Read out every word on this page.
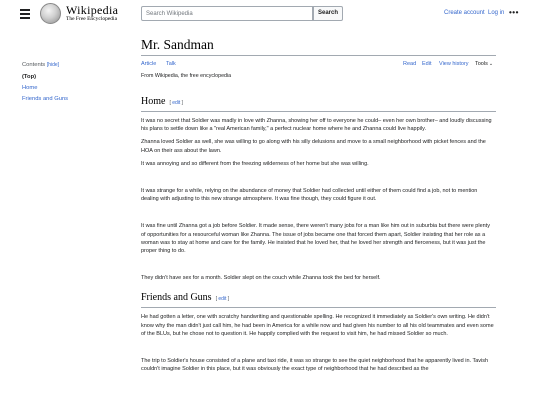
Wikipedia
The Free Encyclopedia
Search Wikipedia	Search	Create account Log in •••
Contents [hide]
(Top)
Home
Friends and Guns
Mr. Sandman
Article Talk	Read Edit View history Tools⌄
From Wikipedia, the free encyclopedia
Home [ edit ]

It was no secret that Soldier was madly in love with Zhanna, showing her off to everyone he could– even her own brother– and loudly discussing his plans to settle down like a "real American family," a perfect nuclear home where he and Zhanna could live happily.

Zhanna loved Soldier as well, she was willing to go along with his silly delusions and move to a small neighborhood with picket fences and the HOA on their ass about the lawn.

It was annoying and so different from the freezing wilderness of her home but she was willing.

It was strange for a while, relying on the abundance of money that Soldier had collected until either of them could find a job, not to mention dealing with adjusting to this new strange atmosphere. It was fine though, they could figure it out.

It was fine until Zhanna got a job before Soldier. It made sense, there weren't many jobs for a man like him out in suburbia but there were plenty of opportunities for a resourceful woman like Zhanna. The issue of jobs became one that forced them apart, Soldier insisting that her role as a woman was to stay at home and care for the family. He insisted that he loved her, that he loved her strength and fierceness, but it was just the proper thing to do.

They didn't have sex for a month. Soldier slept on the couch while Zhanna took the bed for herself.

Friends and Guns [ edit ]

He had gotten a letter, one with scratchy handwriting and questionable spelling. He recognized it immediately as Soldier's own writing. He didn't know why the man didn't just call him, he had been in America for a while now and had given his number to all his old teammates and even some of the BLUs, but he chose not to question it. He happily complied with the request to visit him, he had missed Soldier so much.

The trip to Soldier's house consisted of a plane and taxi ride, it was so strange to see the quiet neighborhood that he apparently lived in. Tavish couldn't imagine Soldier in this place, but it was obviously the exact type of neighborhood that he had described as the
